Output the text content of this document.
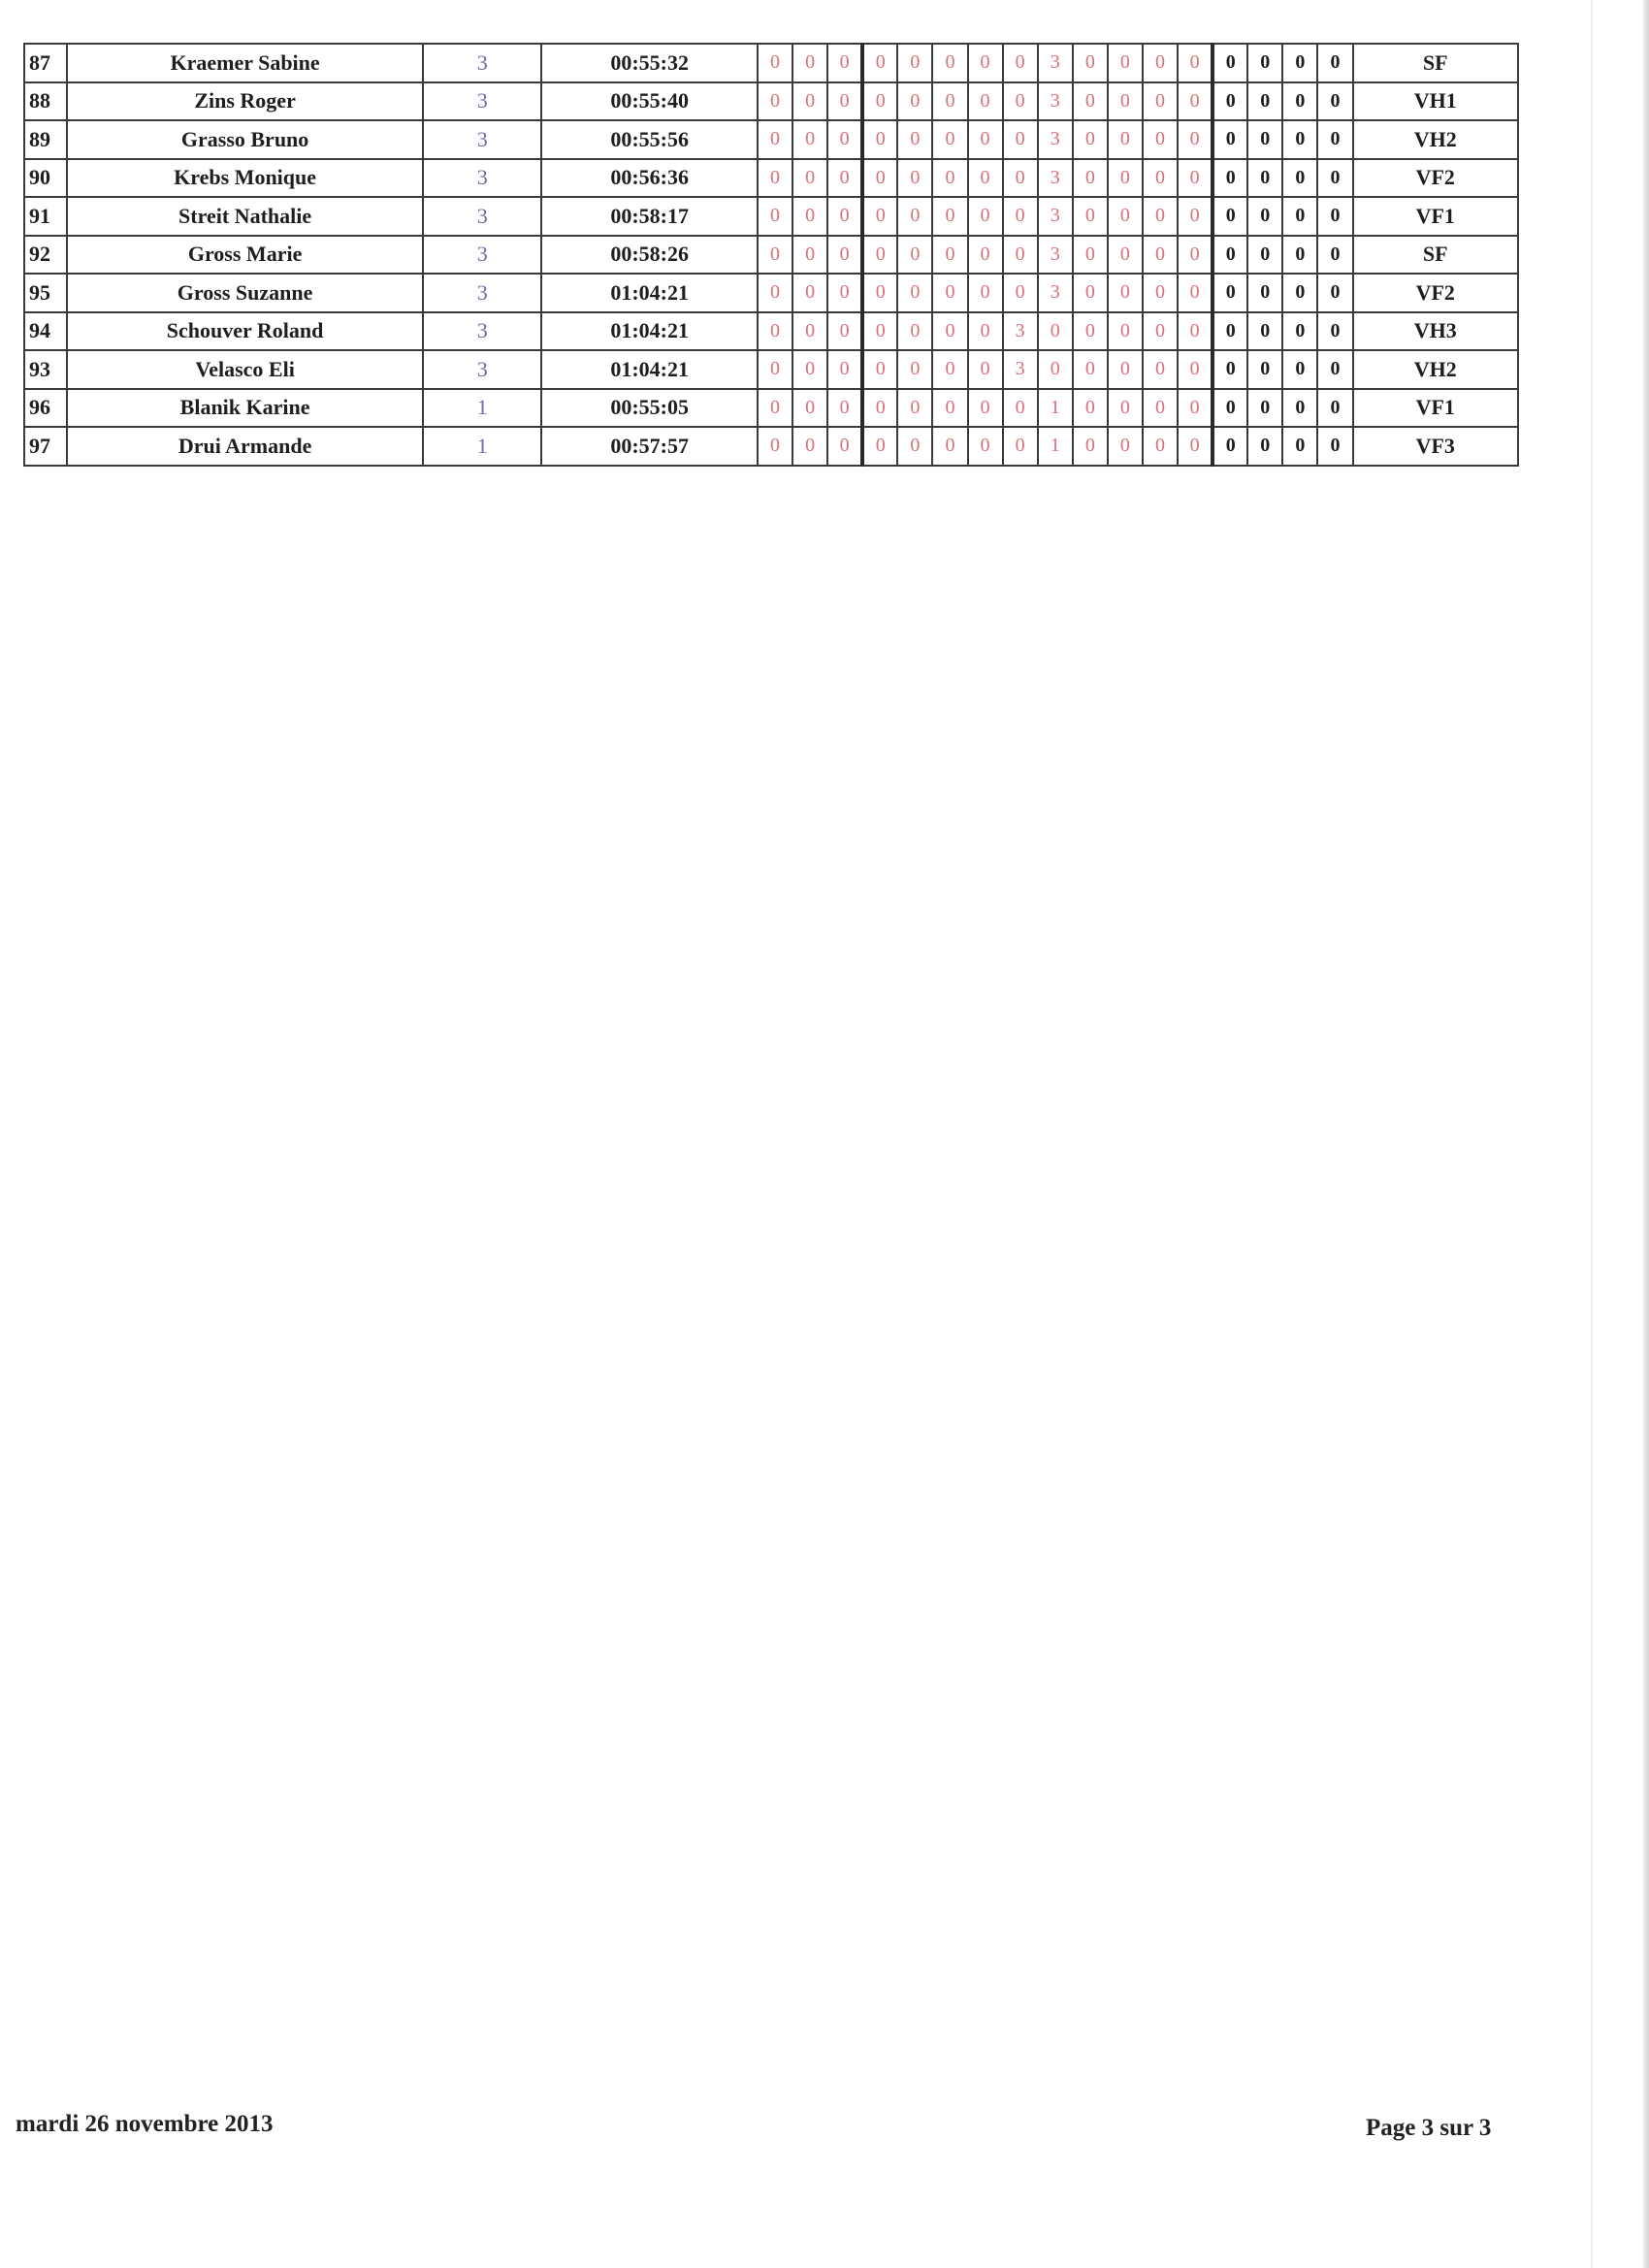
87	Kraemer Sabine	3	00:55:32	0	0	0	0	0	0	0	0	3	0	0	0	0	0	0	0	0	SF
88	Zins Roger	3	00:55:40	0	0	0	0	0	0	0	0	3	0	0	0	0	0	0	0	0	VH1
89	Grasso Bruno	3	00:55:56	0	0	0	0	0	0	0	0	3	0	0	0	0	0	0	0	0	VH2
90	Krebs Monique	3	00:56:36	0	0	0	0	0	0	0	0	3	0	0	0	0	0	0	0	0	VF2
91	Streit Nathalie	3	00:58:17	0	0	0	0	0	0	0	0	3	0	0	0	0	0	0	0	0	VF1
92	Gross Marie	3	00:58:26	0	0	0	0	0	0	0	0	3	0	0	0	0	0	0	0	0	SF
95	Gross Suzanne	3	01:04:21	0	0	0	0	0	0	0	0	3	0	0	0	0	0	0	0	0	VF2
94	Schouver Roland	3	01:04:21	0	0	0	0	0	0	0	3	0	0	0	0	0	0	0	0	0	VH3
93	Velasco Eli	3	01:04:21	0	0	0	0	0	0	0	3	0	0	0	0	0	0	0	0	0	VH2
96	Blanik Karine	1	00:55:05	0	0	0	0	0	0	0	0	1	0	0	0	0	0	0	0	0	VF1
97	Drui Armande	1	00:57:57	0	0	0	0	0	0	0	0	1	0	0	0	0	0	0	0	0	VF3
mardi 26 novembre 2013	Page 3 sur 3
